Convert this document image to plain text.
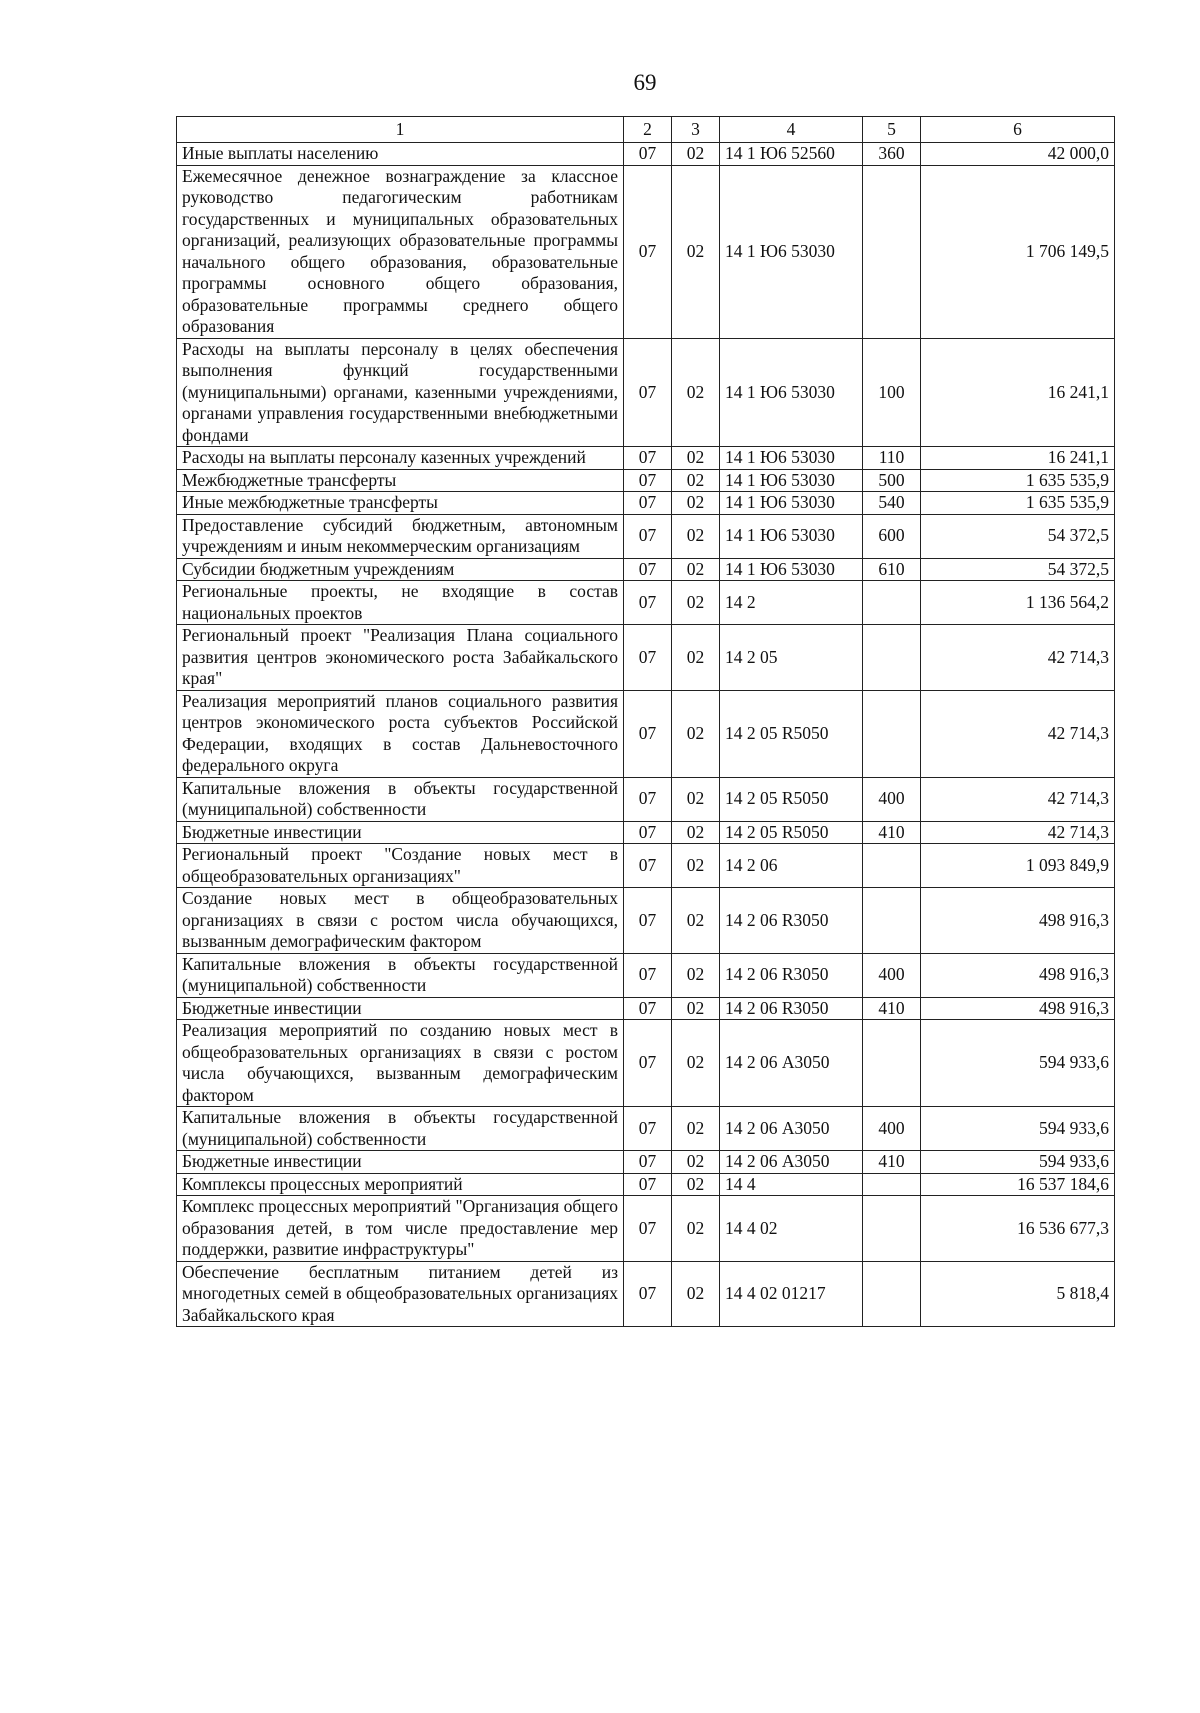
69
1	2	3	4	5	6
Иные выплаты населению	07	02	14 1 Ю6 52560	360	42 000,0
Ежемесячное денежное вознаграждение за классное руководство педагогическим работникам государственных и муниципальных образовательных организаций, реализующих образовательные программы начального общего образования, образовательные программы основного общего образования, образовательные программы среднего общего образования	07	02	14 1 Ю6 53030		1 706 149,5
Расходы на выплаты персоналу в целях обеспечения выполнения функций государственными (муниципальными) органами, казенными учреждениями, органами управления государственными внебюджетными фондами	07	02	14 1 Ю6 53030	100	16 241,1
Расходы на выплаты персоналу казенных учреждений	07	02	14 1 Ю6 53030	110	16 241,1
Межбюджетные трансферты	07	02	14 1 Ю6 53030	500	1 635 535,9
Иные межбюджетные трансферты	07	02	14 1 Ю6 53030	540	1 635 535,9
Предоставление субсидий бюджетным, автономным учреждениям и иным некоммерческим организациям	07	02	14 1 Ю6 53030	600	54 372,5
Субсидии бюджетным учреждениям	07	02	14 1 Ю6 53030	610	54 372,5
Региональные проекты, не входящие в состав национальных проектов	07	02	14 2		1 136 564,2
Региональный проект "Реализация Плана социального развития центров экономического роста Забайкальского края"	07	02	14 2 05		42 714,3
Реализация мероприятий планов социального развития центров экономического роста субъектов Российской Федерации, входящих в состав Дальневосточного федерального округа	07	02	14 2 05 R5050		42 714,3
Капитальные вложения в объекты государственной (муниципальной) собственности	07	02	14 2 05 R5050	400	42 714,3
Бюджетные инвестиции	07	02	14 2 05 R5050	410	42 714,3
Региональный проект "Создание новых мест в общеобразовательных организациях"	07	02	14 2 06		1 093 849,9
Создание новых мест в общеобразовательных организациях в связи с ростом числа обучающихся, вызванным демографическим фактором	07	02	14 2 06 R3050		498 916,3
Капитальные вложения в объекты государственной (муниципальной) собственности	07	02	14 2 06 R3050	400	498 916,3
Бюджетные инвестиции	07	02	14 2 06 R3050	410	498 916,3
Реализация мероприятий по созданию новых мест в общеобразовательных организациях в связи с ростом числа обучающихся, вызванным демографическим фактором	07	02	14 2 06 А3050		594 933,6
Капитальные вложения в объекты государственной (муниципальной) собственности	07	02	14 2 06 А3050	400	594 933,6
Бюджетные инвестиции	07	02	14 2 06 А3050	410	594 933,6
Комплексы процессных мероприятий	07	02	14 4		16 537 184,6
Комплекс процессных мероприятий "Организация общего образования детей, в том числе предоставление мер поддержки, развитие инфраструктуры"	07	02	14 4 02		16 536 677,3
Обеспечение бесплатным питанием детей из многодетных семей в общеобразовательных организациях Забайкальского края	07	02	14 4 02 01217		5 818,4
